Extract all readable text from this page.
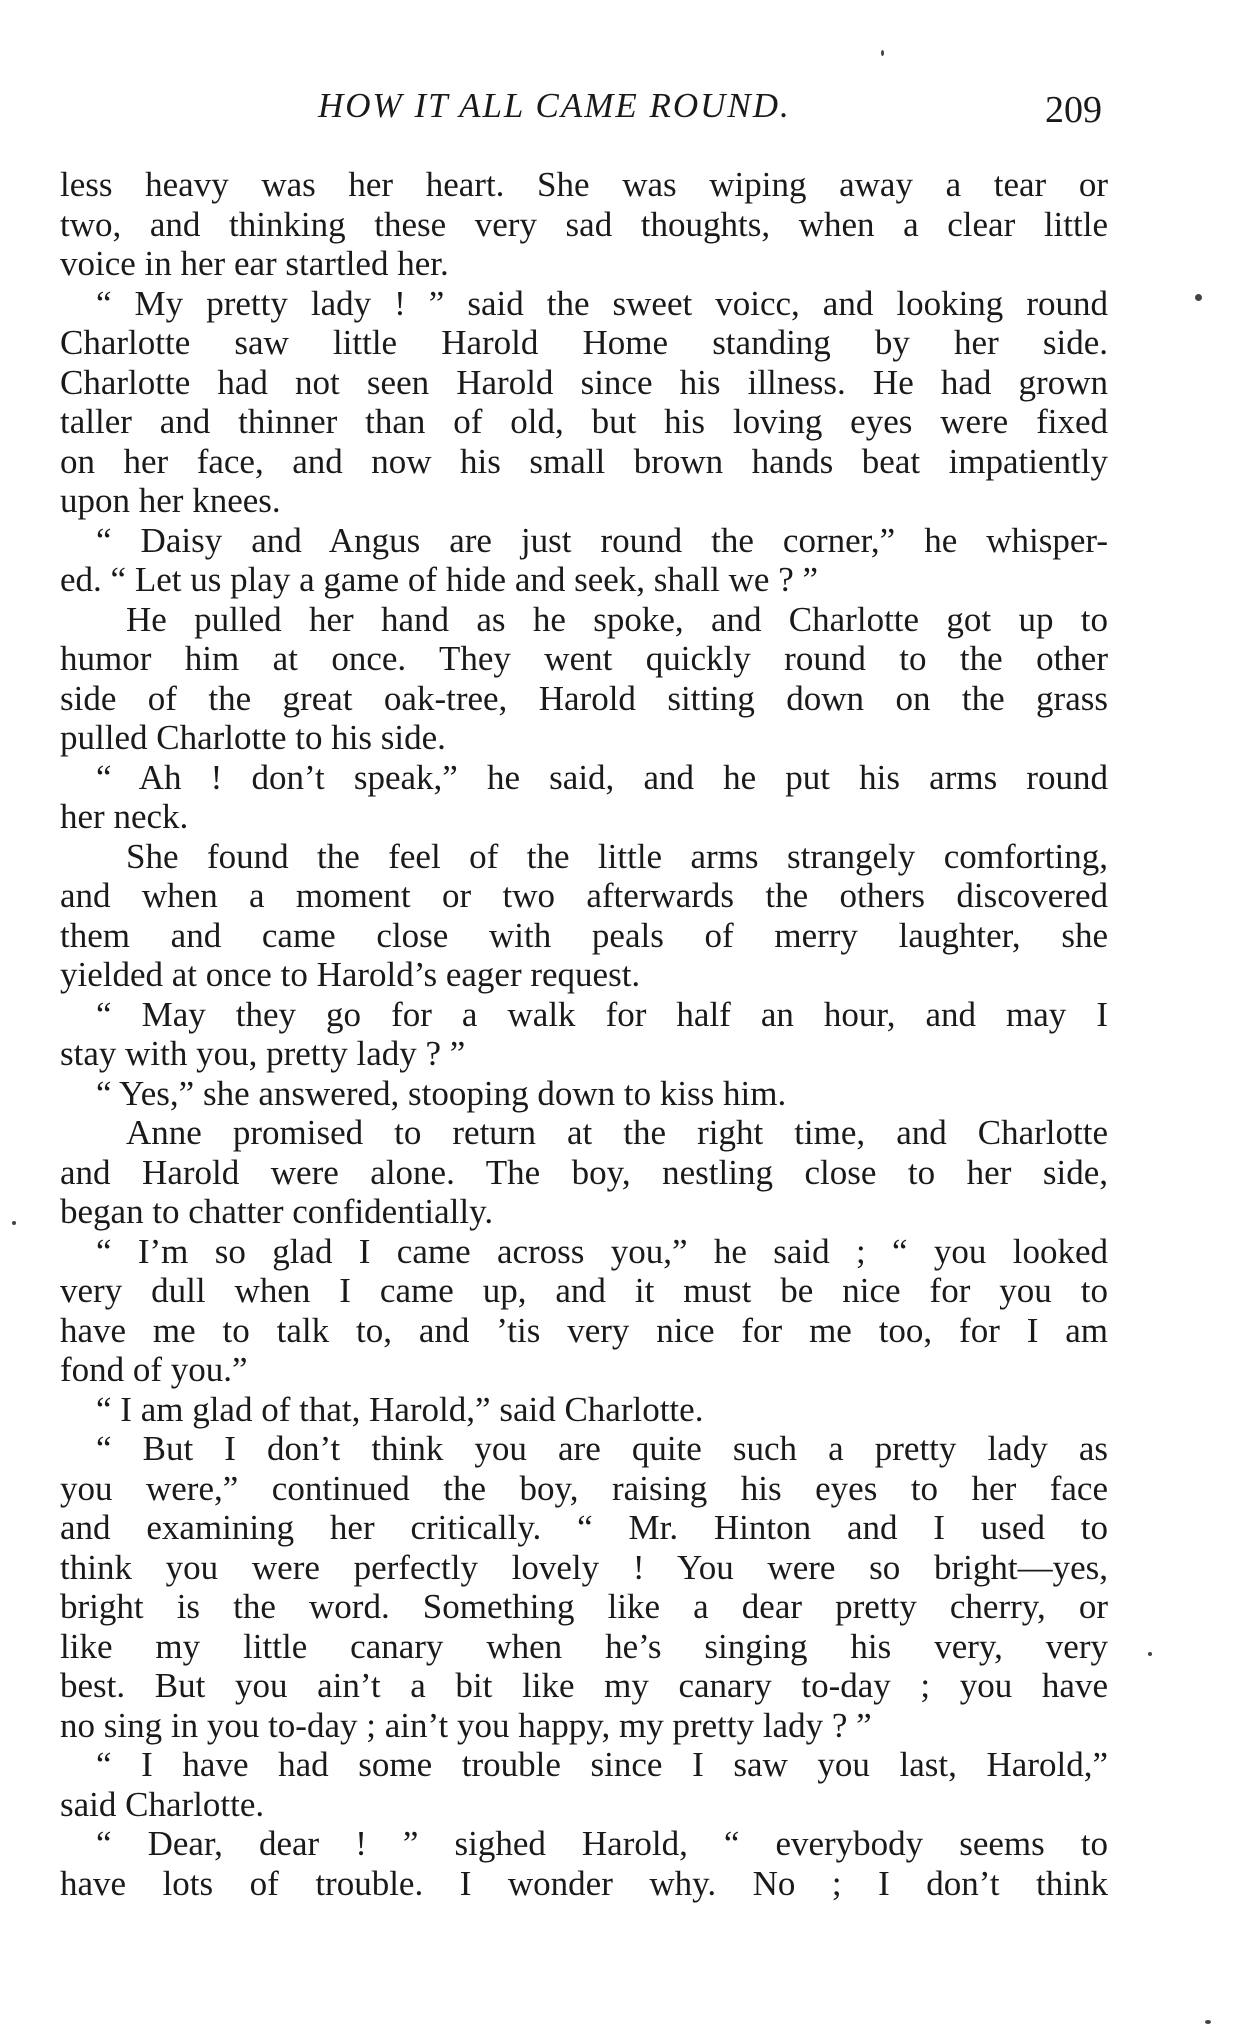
HOW IT ALL CAME ROUND.	209
less heavy was her heart. She was wiping away a tear or
two, and thinking these very sad thoughts, when a clear little
voice in her ear startled her.
“ My pretty lady ! ” said the sweet voicc, and looking round
Charlotte saw little Harold Home standing by her side.
Charlotte had not seen Harold since his illness. He had grown
taller and thinner than of old, but his loving eyes were fixed
on her face, and now his small brown hands beat impatiently
upon her knees.
“ Daisy and Angus are just round the corner,” he whisper-
ed. “ Let us play a game of hide and seek, shall we ? ”
He pulled her hand as he spoke, and Charlotte got up to
humor him at once. They went quickly round to the other
side of the great oak-tree, Harold sitting down on the grass
pulled Charlotte to his side.
“ Ah ! don’t speak,” he said, and he put his arms round
her neck.
She found the feel of the little arms strangely comforting,
and when a moment or two afterwards the others discovered
them and came close with peals of merry laughter, she
yielded at once to Harold’s eager request.
“ May they go for a walk for half an hour, and may I
stay with you, pretty lady ? ”
“ Yes,” she answered, stooping down to kiss him.
Anne promised to return at the right time, and Charlotte
and Harold were alone. The boy, nestling close to her side,
began to chatter confidentially.
“ I’m so glad I came across you,” he said ; “ you looked
very dull when I came up, and it must be nice for you to
have me to talk to, and ’tis very nice for me too, for I am
fond of you.”
“ I am glad of that, Harold,” said Charlotte.
“ But I don’t think you are quite such a pretty lady as
you were,” continued the boy, raising his eyes to her face
and examining her critically. “ Mr. Hinton and I used to
think you were perfectly lovely ! You were so bright—yes,
bright is the word. Something like a dear pretty cherry, or
like my little canary when he’s singing his very, very
best. But you ain’t a bit like my canary to-day ; you have
no sing in you to-day ; ain’t you happy, my pretty lady ? ”
“ I have had some trouble since I saw you last, Harold,”
said Charlotte.
“ Dear, dear ! ” sighed Harold, “ everybody seems to
have lots of trouble. I wonder why. No ; I don’t think
